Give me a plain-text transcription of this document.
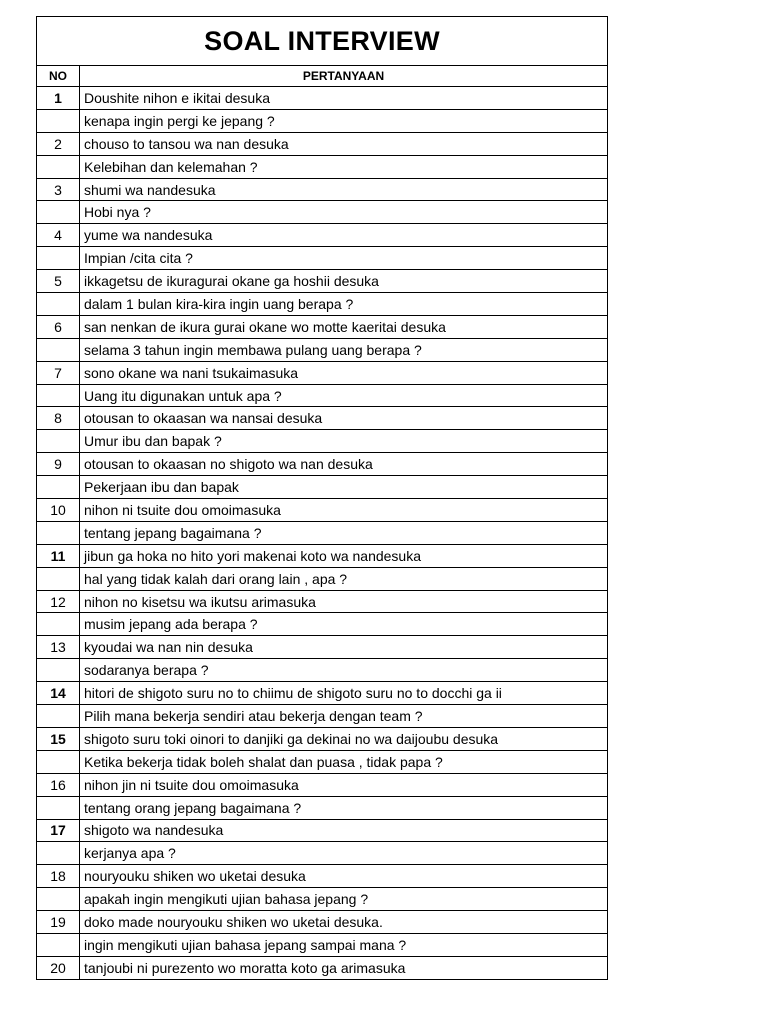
SOAL INTERVIEW	
NO	PERTANYAAN
1	Doushite nihon e ikitai desuka
	kenapa ingin pergi ke jepang ?
2	chouso to tansou wa nan desuka
	Kelebihan dan kelemahan ?
3	shumi wa nandesuka
	Hobi nya ?
4	yume wa nandesuka
	Impian /cita cita ?
5	ikkagetsu de ikuragurai okane ga hoshii desuka
	dalam 1 bulan kira-kira ingin uang berapa ?
6	san nenkan de ikura gurai okane wo motte kaeritai desuka
	selama 3 tahun ingin membawa pulang uang berapa ?
7	sono okane wa nani tsukaimasuka
	Uang itu digunakan untuk apa ?
8	otousan to okaasan wa nansai desuka
	Umur ibu dan bapak ?
9	otousan to okaasan no shigoto wa nan desuka
	Pekerjaan ibu dan bapak
10	nihon ni tsuite dou omoimasuka
	tentang jepang bagaimana ?
11	jibun ga hoka no hito yori makenai koto wa nandesuka
	hal yang tidak kalah dari orang lain , apa ?
12	nihon no kisetsu wa ikutsu arimasuka
	musim jepang ada berapa ?
13	kyoudai wa nan nin desuka
	sodaranya berapa ?
14	hitori de shigoto suru no to chiimu de shigoto suru no to docchi ga ii
	Pilih mana bekerja sendiri atau bekerja dengan team ?
15	shigoto suru toki oinori to danjiki ga dekinai no wa daijoubu desuka
	Ketika bekerja tidak boleh shalat dan puasa , tidak papa ?
16	nihon jin ni tsuite dou omoimasuka
	tentang orang jepang bagaimana ?
17	shigoto wa nandesuka
	kerjanya apa ?
18	nouryouku shiken wo uketai desuka
	apakah ingin mengikuti ujian bahasa jepang ?
19	doko made nouryouku shiken wo uketai desuka.
	ingin mengikuti ujian bahasa jepang sampai mana ?
20	tanjoubi ni purezento wo moratta koto ga arimasuka
